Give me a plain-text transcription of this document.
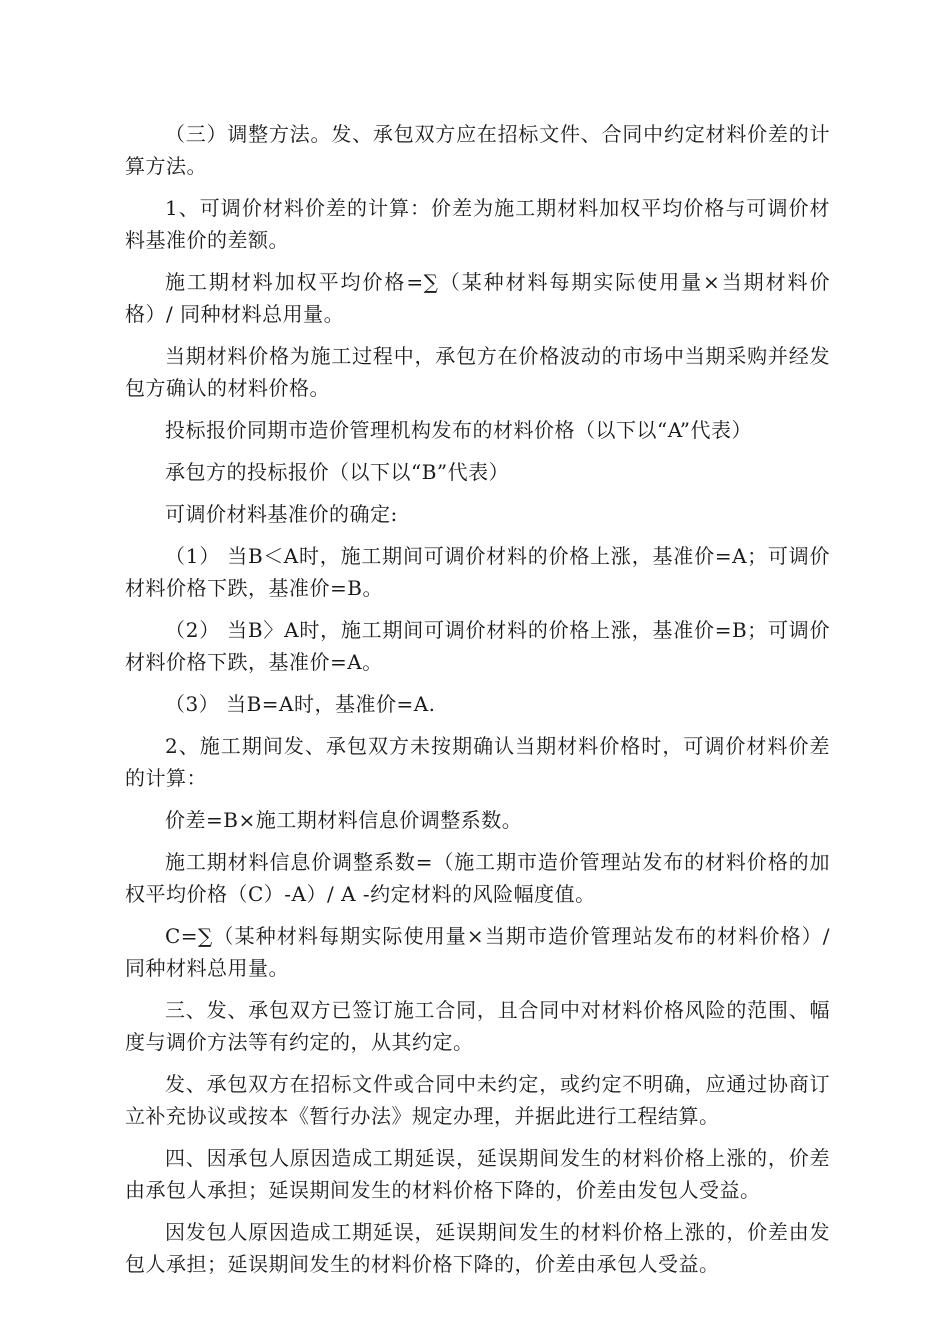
（三）调整方法。发、承包双方应在招标文件、合同中约定材料价差的计算方法。

1、可调价材料价差的计算：价差为施工期材料加权平均价格与可调价材料基准价的差额。

施工期材料加权平均价格=∑（某种材料每期实际使用量×当期材料价格）/ 同种材料总用量。

当期材料价格为施工过程中，承包方在价格波动的市场中当期采购并经发包方确认的材料价格。

投标报价同期市造价管理机构发布的材料价格（以下以“A”代表）

承包方的投标报价（以下以“B”代表）

可调价材料基准价的确定:

（1） 当B＜A时，施工期间可调价材料的价格上涨，基准价=A；可调价材料价格下跌，基准价=B。

（2） 当B〉A时，施工期间可调价材料的价格上涨，基准价=B；可调价材料价格下跌，基准价=A。

（3） 当B=A时，基准价=A.

2、施工期间发、承包双方未按期确认当期材料价格时，可调价材料价差的计算：

价差=B×施工期材料信息价调整系数。

施工期材料信息价调整系数=（施工期市造价管理站发布的材料价格的加权平均价格（C）-A）/ A -约定材料的风险幅度值。

C=∑（某种材料每期实际使用量×当期市造价管理站发布的材料价格）/ 同种材料总用量。

三、发、承包双方已签订施工合同，且合同中对材料价格风险的范围、幅度与调价方法等有约定的，从其约定。

发、承包双方在招标文件或合同中未约定，或约定不明确，应通过协商订立补充协议或按本《暂行办法》规定办理，并据此进行工程结算。

四、因承包人原因造成工期延误，延误期间发生的材料价格上涨的，价差由承包人承担；延误期间发生的材料价格下降的，价差由发包人受益。

因发包人原因造成工期延误，延误期间发生的材料价格上涨的，价差由发包人承担；延误期间发生的材料价格下降的，价差由承包人受益。
